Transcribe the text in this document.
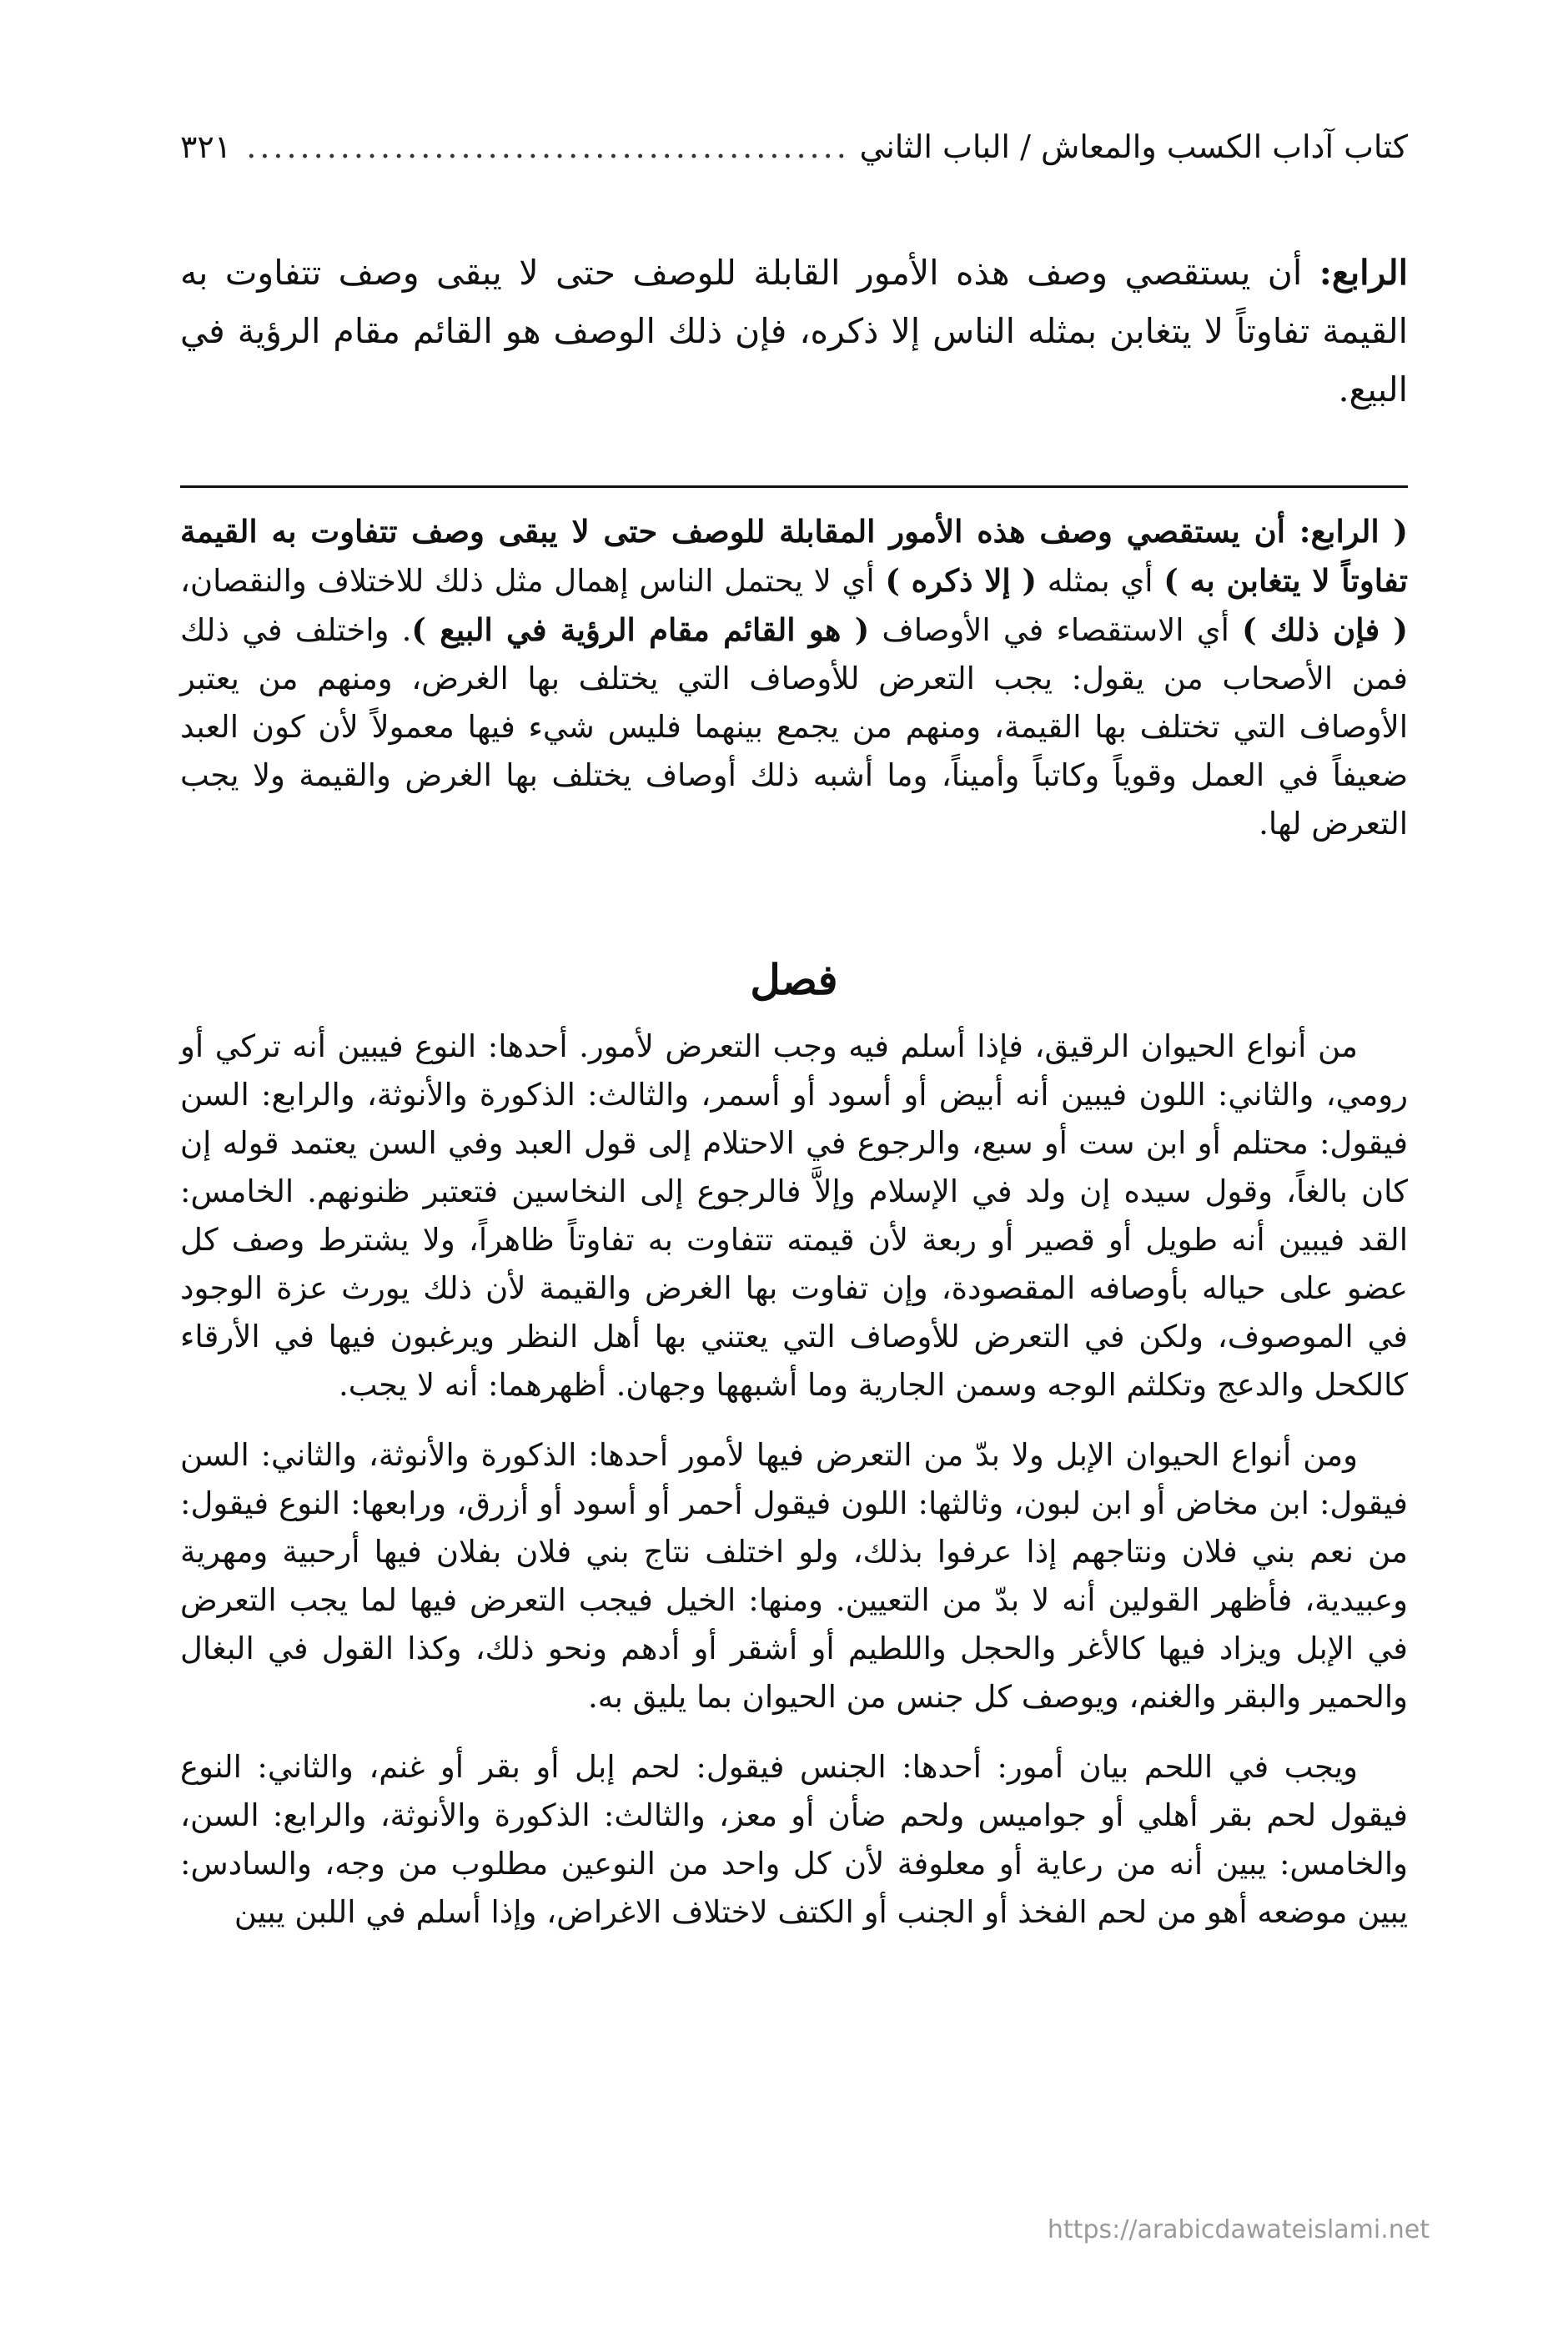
كتاب آداب الكسب والمعاش / الباب الثاني
.....
٣٢١
الرابع: أن يستقصي وصف هذه الأمور القابلة للوصف حتى لا يبقى وصف تتفاوت به القيمة تفاوتاً لا يتغابن بمثله الناس إلا ذكره، فإن ذلك الوصف هو القائم مقام الرؤية في البيع.
( الرابع: أن يستقصي وصف هذه الأمور المقابلة للوصف حتى لا يبقى وصف تتفاوت به القيمة تفاوتاً لا يتغابن به ) أي بمثله ( إلا ذكره ) أي لا يحتمل الناس إهمال مثل ذلك للاختلاف والنقصان، ( فإن ذلك ) أي الاستقصاء في الأوصاف ( هو القائم مقام الرؤية في البيع ). واختلف في ذلك فمن الأصحاب من يقول: يجب التعرض للأوصاف التي يختلف بها الغرض، ومنهم من يعتبر الأوصاف التي تختلف بها القيمة، ومنهم من يجمع بينهما فليس شيء فيها معمولاً لأن كون العبد ضعيفاً في العمل وقوياً وكاتباً وأميناً، وما أشبه ذلك أوصاف يختلف بها الغرض والقيمة ولا يجب التعرض لها.
فصل

من أنواع الحيوان الرقيق، فإذا أسلم فيه وجب التعرض لأمور. أحدها: النوع فيبين أنه تركي أو رومي، والثاني: اللون فيبين أنه أبيض أو أسود أو أسمر، والثالث: الذكورة والأنوثة، والرابع: السن فيقول: محتلم أو ابن ست أو سبع، والرجوع في الاحتلام إلى قول العبد وفي السن يعتمد قوله إن كان بالغاً، وقول سيده إن ولد في الإسلام وإلاَّ فالرجوع إلى النخاسين فتعتبر ظنونهم. الخامس: القد فيبين أنه طويل أو قصير أو ربعة لأن قيمته تتفاوت به تفاوتاً ظاهراً، ولا يشترط وصف كل عضو على حياله بأوصافه المقصودة، وإن تفاوت بها الغرض والقيمة لأن ذلك يورث عزة الوجود في الموصوف، ولكن في التعرض للأوصاف التي يعتني بها أهل النظر ويرغبون فيها في الأرقاء كالكحل والدعج وتكلثم الوجه وسمن الجارية وما أشبهها وجهان. أظهرهما: أنه لا يجب.

ومن أنواع الحيوان الإبل ولا بدّ من التعرض فيها لأمور أحدها: الذكورة والأنوثة، والثاني: السن فيقول: ابن مخاض أو ابن لبون، وثالثها: اللون فيقول أحمر أو أسود أو أزرق، ورابعها: النوع فيقول: من نعم بني فلان ونتاجهم إذا عرفوا بذلك، ولو اختلف نتاج بني فلان بفلان فيها أرحبية ومهرية وعبيدية، فأظهر القولين أنه لا بدّ من التعيين. ومنها: الخيل فيجب التعرض فيها لما يجب التعرض في الإبل ويزاد فيها كالأغر والحجل واللطيم أو أشقر أو أدهم ونحو ذلك، وكذا القول في البغال والحمير والبقر والغنم، ويوصف كل جنس من الحيوان بما يليق به.

ويجب في اللحم بيان أمور: أحدها: الجنس فيقول: لحم إبل أو بقر أو غنم، والثاني: النوع فيقول لحم بقر أهلي أو جواميس ولحم ضأن أو معز، والثالث: الذكورة والأنوثة، والرابع: السن، والخامس: يبين أنه من رعاية أو معلوفة لأن كل واحد من النوعين مطلوب من وجه، والسادس: يبين موضعه أهو من لحم الفخذ أو الجنب أو الكتف لاختلاف الاغراض، وإذا أسلم في اللبن يبين

https://arabicdawateislami.net
